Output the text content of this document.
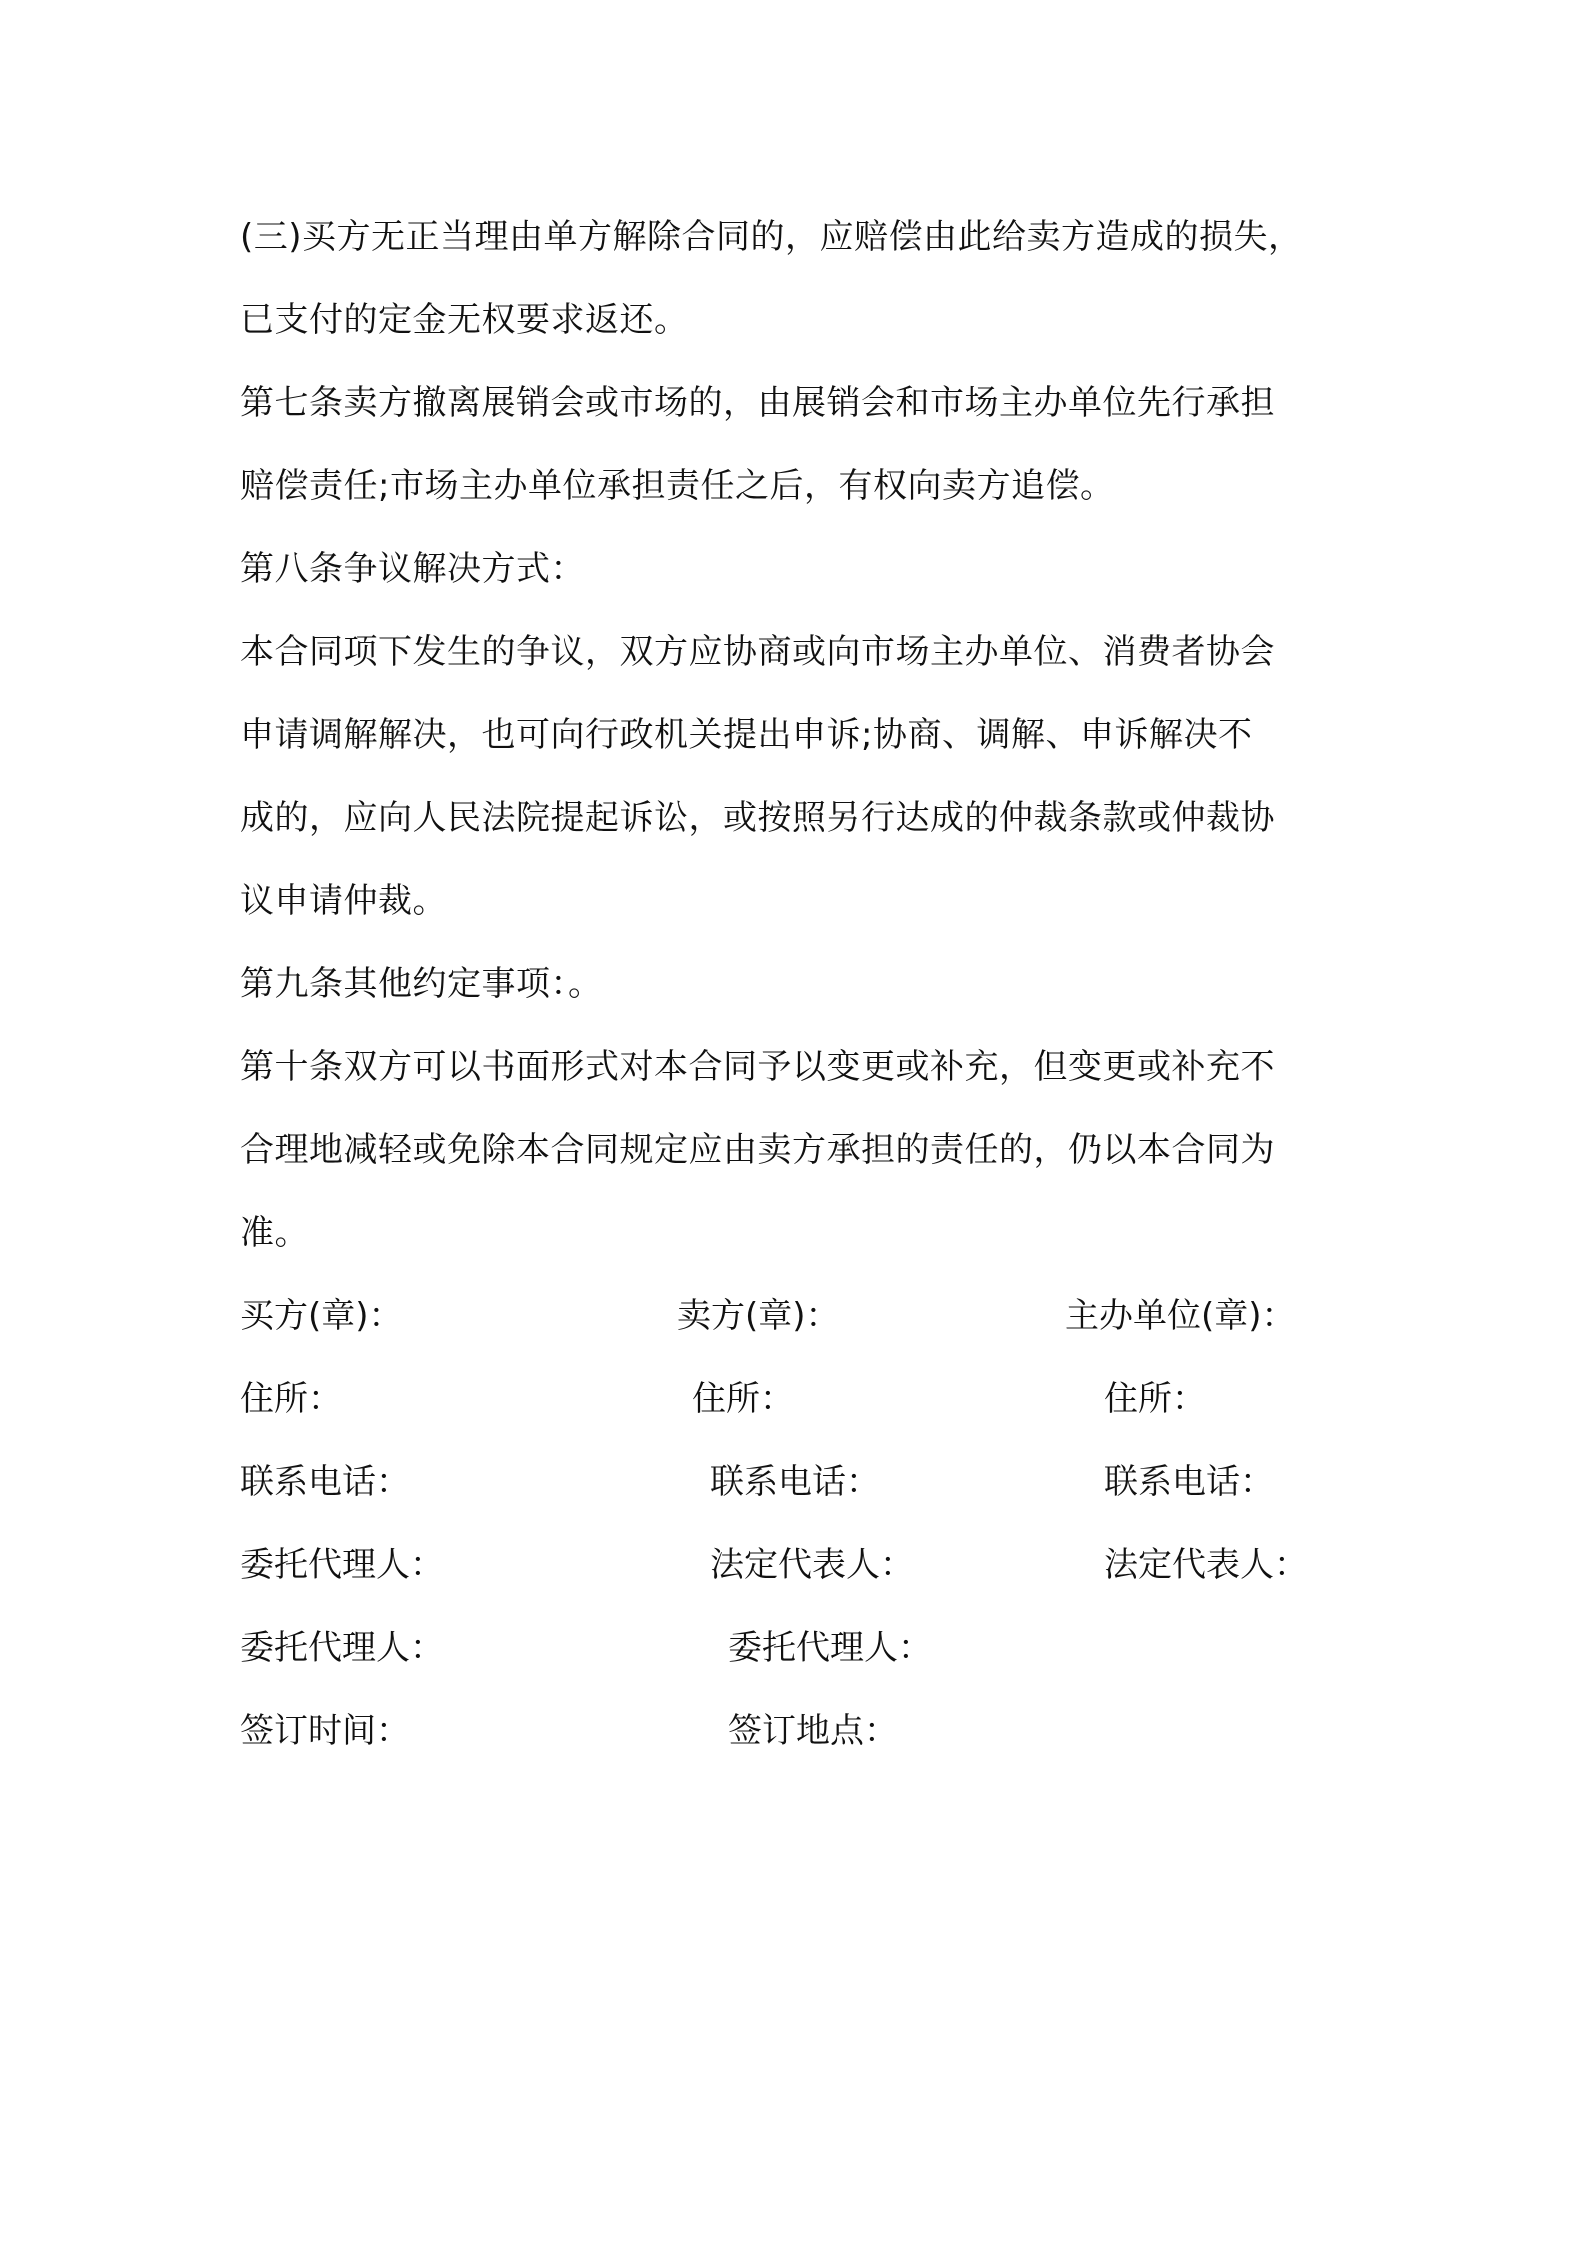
(三)买方无正当理由单方解除合同的，应赔偿由此给卖方造成的损失，
已支付的定金无权要求返还。
第七条卖方撤离展销会或市场的，由展销会和市场主办单位先行承担
赔偿责任;市场主办单位承担责任之后，有权向卖方追偿。
第八条争议解决方式：
本合同项下发生的争议，双方应协商或向市场主办单位、消费者协会
申请调解解决，也可向行政机关提出申诉;协商、调解、申诉解决不
成的，应向人民法院提起诉讼，或按照另行达成的仲裁条款或仲裁协
议申请仲裁。
第九条其他约定事项：。
第十条双方可以书面形式对本合同予以变更或补充，但变更或补充不
合理地减轻或免除本合同规定应由卖方承担的责任的，仍以本合同为
准。
买方(章)：	卖方(章)：	主办单位(章)：
住所：	住所：	住所：
联系电话：	联系电话：	联系电话：
委托代理人：	法定代表人：	法定代表人：
委托代理人：	委托代理人：
签订时间：	签订地点：
